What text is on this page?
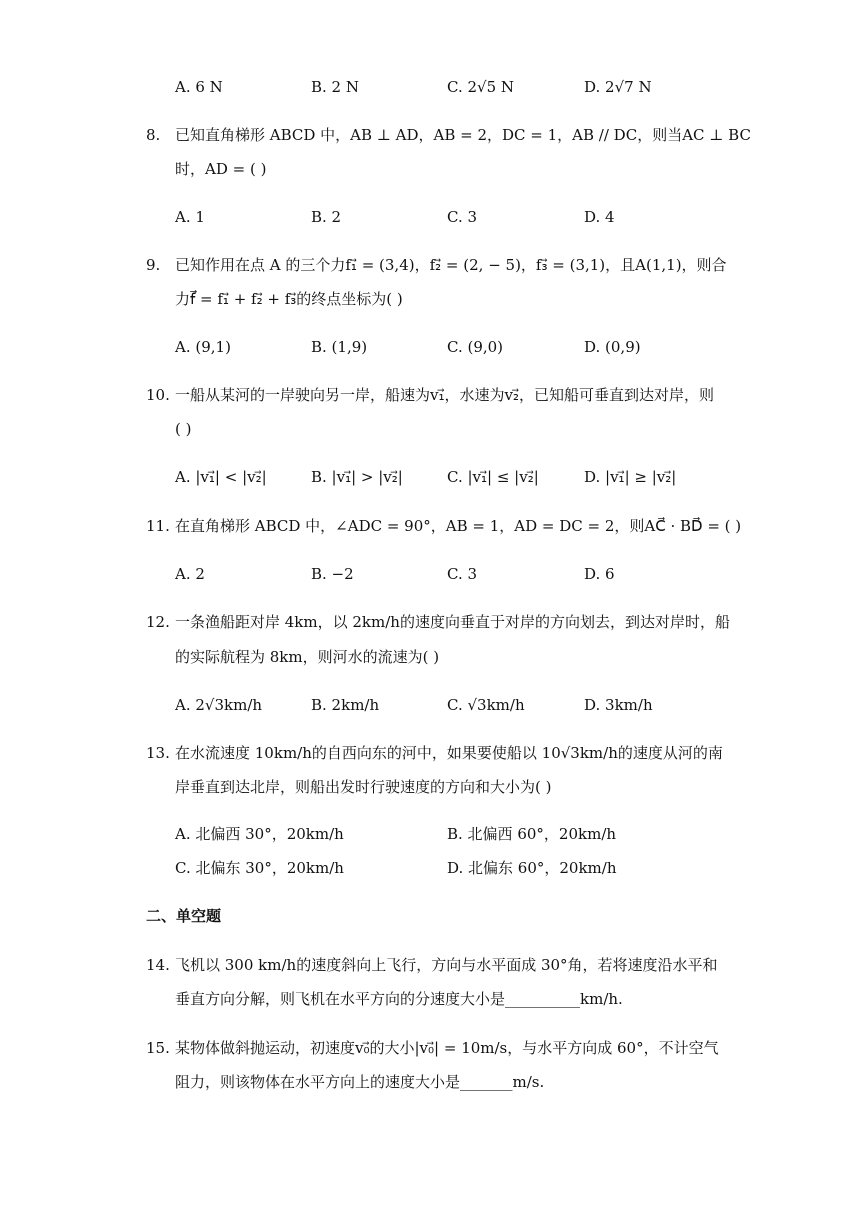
A. 6 N	B. 2 N	C. 2√5 N	D. 2√7 N
8. 已知直角梯形 ABCD 中，AB ⊥ AD，AB = 2，DC = 1，AB // DC，则当AC ⊥ BC
时，AD = ( )
A. 1	B. 2	C. 3	D. 4
9. 已知作用在点 A 的三个力f₁⃗ = (3,4)，f₂⃗ = (2, − 5)，f₃⃗ = (3,1)，且A(1,1)，则合
力f⃗ = f₁⃗ + f₂⃗ + f₃⃗的终点坐标为( )
A. (9,1)	B. (1,9)	C. (9,0)	D. (0,9)
10. 一船从某河的一岸驶向另一岸，船速为v₁⃗，水速为v₂⃗，已知船可垂直到达对岸，则
( )
A. |v₁⃗| < |v₂⃗|	B. |v₁⃗| > |v₂⃗|	C. |v₁⃗| ≤ |v₂⃗|	D. |v₁⃗| ≥ |v₂⃗|
11. 在直角梯形 ABCD 中，∠ADC = 90°，AB = 1，AD = DC = 2，则AC⃗ · BD⃗ = ( )
A. 2	B. −2	C. 3	D. 6
12. 一条渔船距对岸 4km，以 2km/h的速度向垂直于对岸的方向划去，到达对岸时，船
的实际航程为 8km，则河水的流速为( )
A. 2√3km/h	B. 2km/h	C. √3km/h	D. 3km/h
13. 在水流速度 10km/h的自西向东的河中，如果要使船以 10√3km/h的速度从河的南
岸垂直到达北岸，则船出发时行驶速度的方向和大小为( )
A. 北偏西 30°，20km/h	B. 北偏西 60°，20km/h
C. 北偏东 30°，20km/h	D. 北偏东 60°，20km/h
二、单空题
14. 飞机以 300 km/h的速度斜向上飞行，方向与水平面成 30°角，若将速度沿水平和
垂直方向分解，则飞机在水平方向的分速度大小是__________km/h.
15. 某物体做斜抛运动，初速度v₀⃗的大小|v₀⃗| = 10m/s，与水平方向成 60°，不计空气
阻力，则该物体在水平方向上的速度大小是_______m/s.
